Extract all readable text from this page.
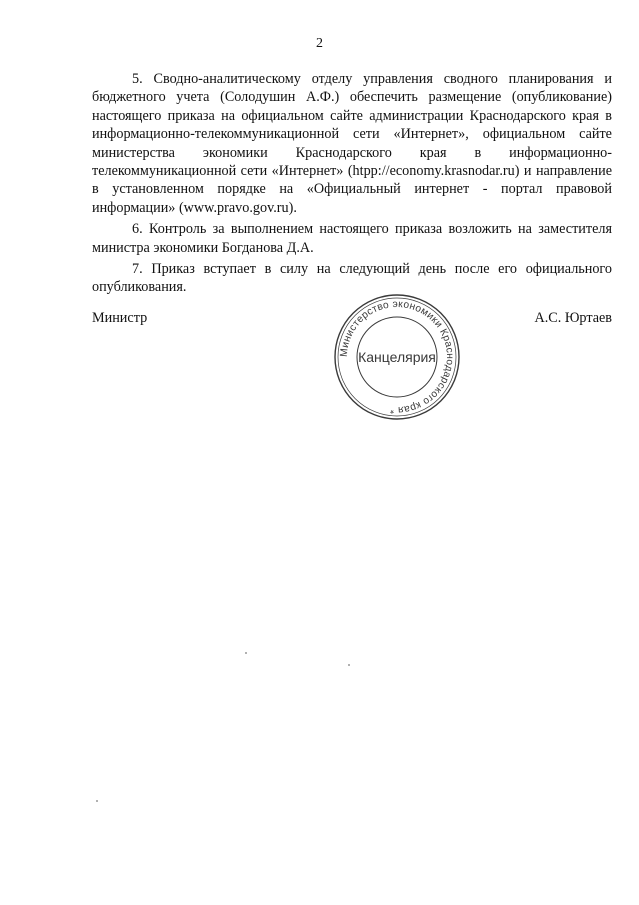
2

5. Сводно-аналитическому отделу управления сводного планирования и бюджетного учета (Солодушин А.Ф.) обеспечить размещение (опубликование) настоящего приказа на официальном сайте администрации Краснодарского края в информационно-телекоммуникационной сети «Интернет», официальном сайте министерства экономики Краснодарского края в информационно-телекоммуникационной сети «Интернет» (htpp://economy.krasnodar.ru) и направление в установленном порядке на «Официальный интернет - портал правовой информации» (www.pravo.gov.ru).

6. Контроль за выполнением настоящего приказа возложить на заместителя министра экономики Богданова Д.А.

7. Приказ вступает в силу на следующий день после его официального опубликования.

Министр	А.С. Юртаев
Министерство экономики Краснодарского края *
Канцелярия
